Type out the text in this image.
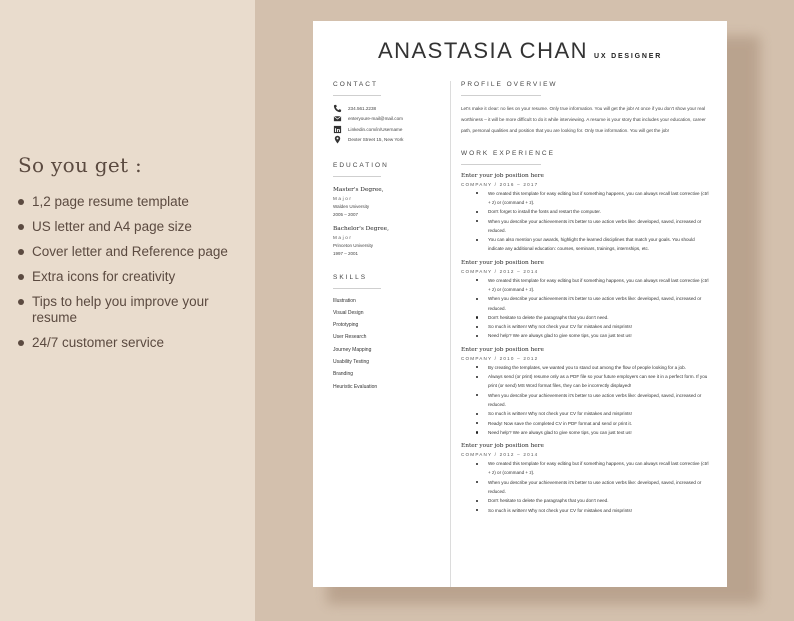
So you get :
1,2 page resume template
US letter and A4 page size
Cover letter and Reference page
Extra icons for creativity
Tips to help you improve your resume
24/7 customer service
ANASTASIA CHAN UX DESIGNER

CONTACT

234.561.2238
enteryoure-mail@mail.com
in Linkedin.com/in/Username
Dexter Street 15, New York

EDUCATION

Master's Degree,
Major
Walden University
2005 – 2007
Bachelor's Degree,
Major
Princeton University
1997 – 2001

SKILLS

Illustration
Visual Design
Prototyping
User Research
Journey Mapping
Usability Testing
Branding
Heuristic Evaluation

PROFILE OVERVIEW

Let's make it clear: no lies on your resume. Only true information. You will get the job! At once if you don't show your real worthiness – it will be more difficult to do it while interviewing. A resume is your story that includes your education, career path, personal qualities and position that you are looking for. Only true information. You will get the job!

WORK EXPERIENCE

Enter your job position here
COMPANY / 2016 – 2017
We created this template for easy editing but if something happens, you can always recall last corrective (ctrl + z) or (command + z).
Don't forget to install the fonts and restart the computer.
When you describe your achievements it's better to use action verbs like: developed, saved, increased or reduced.
You can also mention your awards, highlight the learned disciplines that match your goals. You should indicate any additional education: courses, seminars, trainings, internships, etc.
Enter your job position here
COMPANY / 2012 – 2014
We created this template for easy editing but if something happens, you can always recall last corrective (ctrl + z) or (command + z).
When you describe your achievements it's better to use action verbs like: developed, saved, increased or reduced.
Don't hesitate to delete the paragraphs that you don't need.
So much is written! Why not check your CV for mistakes and misprints!
Need help? We are always glad to give some tips, you can just text us!
Enter your job position here
COMPANY / 2010 – 2012
By creating the templates, we wanted you to stand out among the flow of people looking for a job.
Always send (or print) resume only as a PDF file so your future employers can see it in a perfect form. If you print (or send) MS Word format files, they can be incorrectly displayed!
When you describe your achievements it's better to use action verbs like: developed, saved, increased or reduced.
So much is written! Why not check your CV for mistakes and misprints!
Ready! Now save the completed CV in PDF format and send or print it.
Need help? We are always glad to give some tips, you can just text us!
Enter your job position here
COMPANY / 2012 – 2014
We created this template for easy editing but if something happens, you can always recall last corrective (ctrl + z) or (command + z).
When you describe your achievements it's better to use action verbs like: developed, saved, increased or reduced.
Don't hesitate to delete the paragraphs that you don't need.
So much is written! Why not check your CV for mistakes and misprints!
